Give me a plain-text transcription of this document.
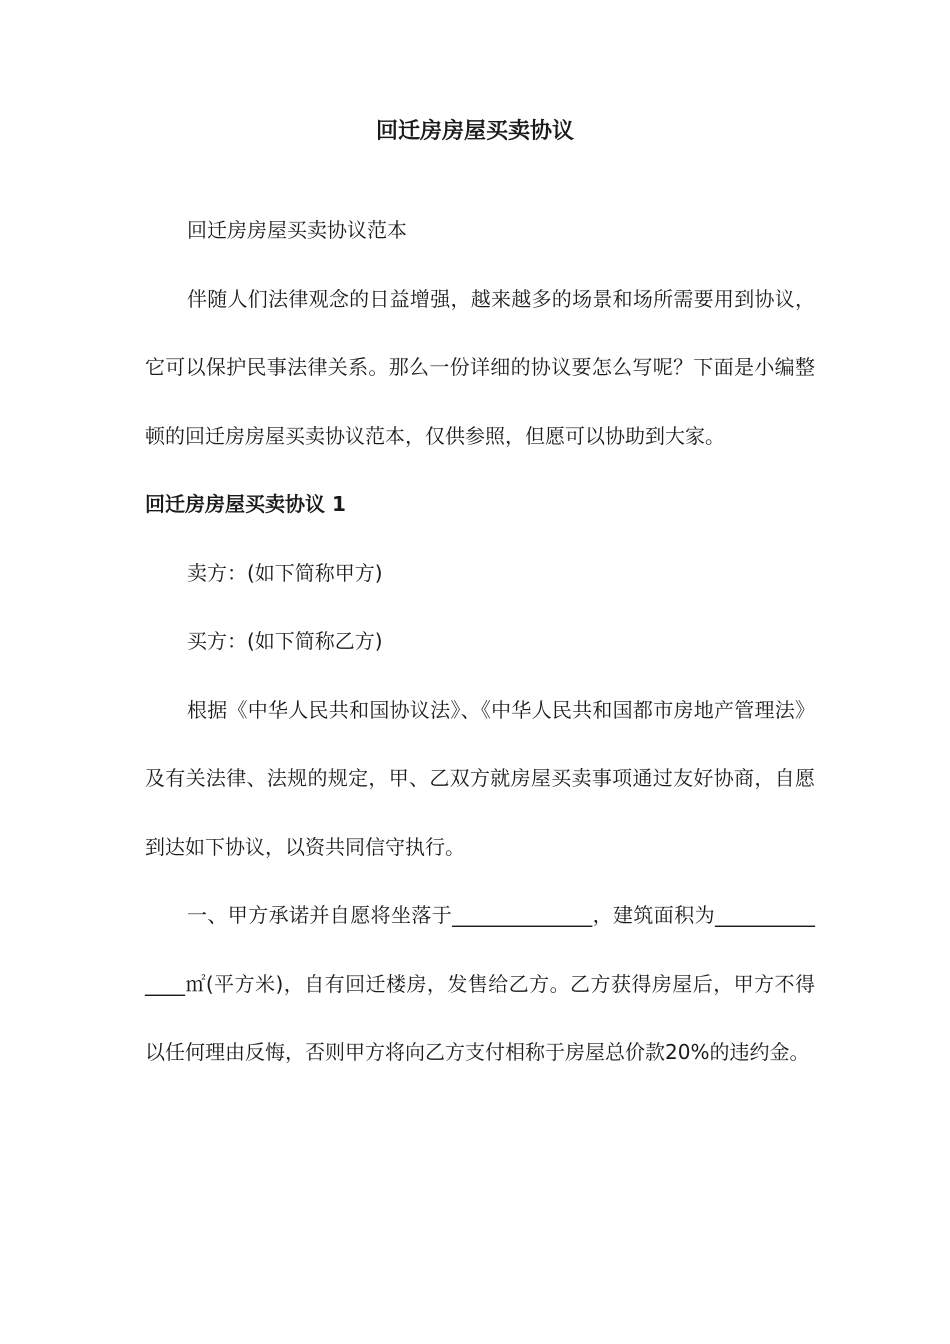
回迁房房屋买卖协议

回迁房房屋买卖协议范本

伴随人们法律观念的日益增强，越来越多的场景和场所需要用到协议，它可以保护民事法律关系。那么一份详细的协议要怎么写呢？下面是小编整顿的回迁房房屋买卖协议范本，仅供参照，但愿可以协助到大家。

回迁房房屋买卖协议 1

卖方：(如下简称甲方)

买方：(如下简称乙方)

根据《中华人民共和国协议法》、《中华人民共和国都市房地产管理法》及有关法律、法规的规定，甲、乙双方就房屋买卖事项通过友好协商，自愿到达如下协议，以资共同信守执行。

一、甲方承诺并自愿将坐落于______________，建筑面积为______________㎡(平方米)，自有回迁楼房，发售给乙方。乙方获得房屋后，甲方不得以任何理由反悔，否则甲方将向乙方支付相称于房屋总价款20%的违约金。
